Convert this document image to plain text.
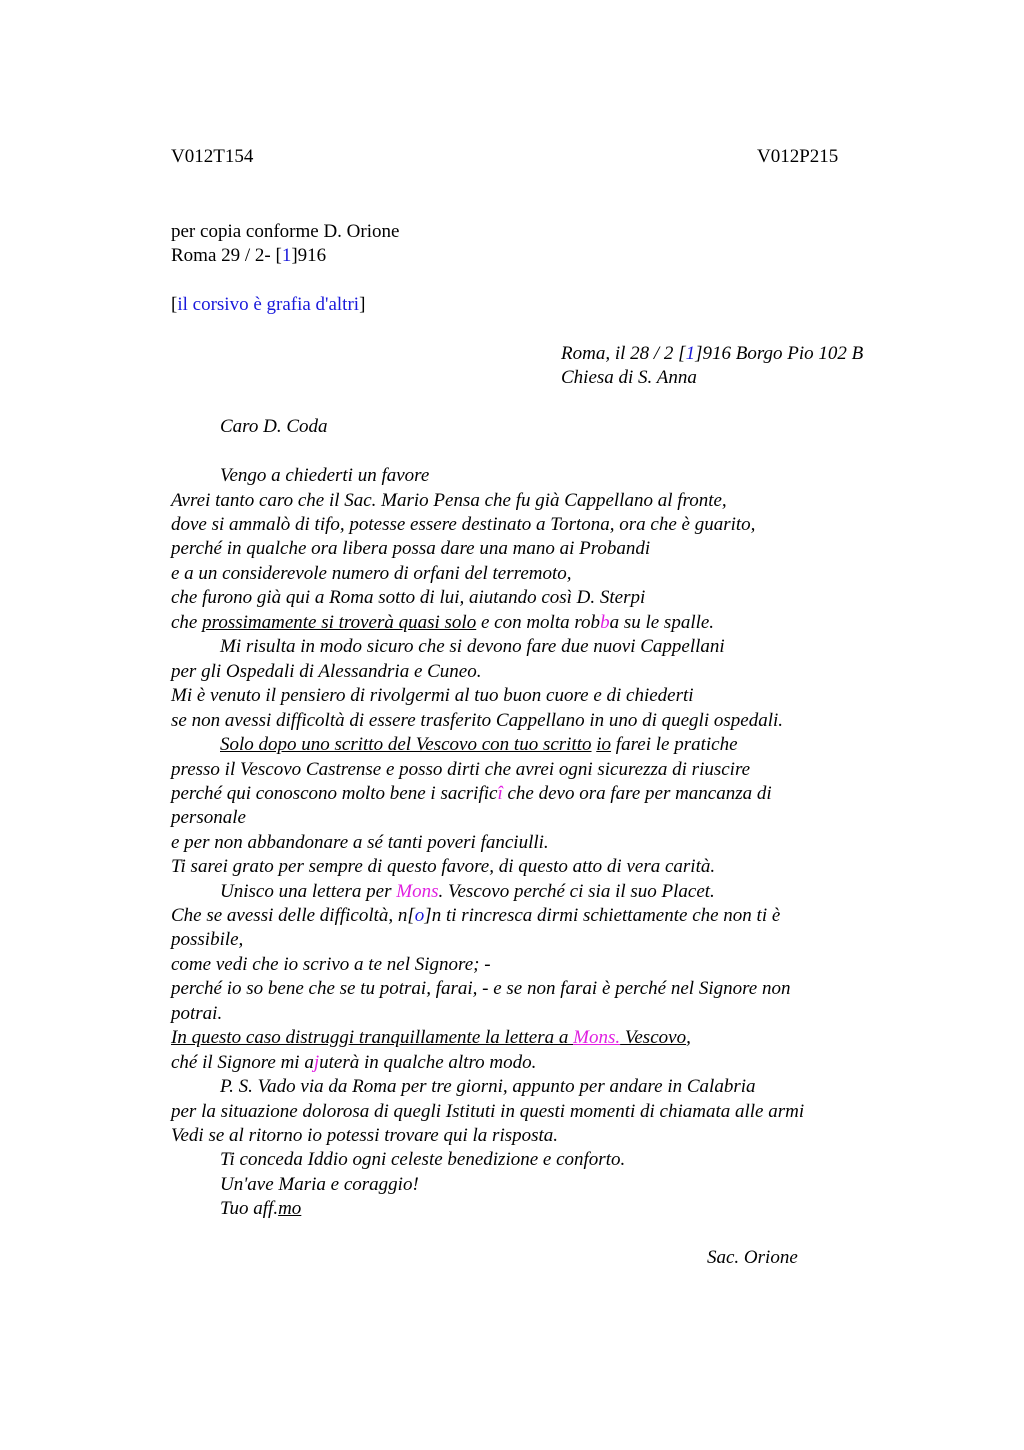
V012T154	V012P215
per copia conforme D. Orione
Roma 29 / 2- [1]916
[il corsivo è grafia d'altri]
Roma, il 28 / 2 [1]916 Borgo Pio 102 B
Chiesa di S. Anna
Caro D. Coda
Vengo a chiederti un favore
Avrei tanto caro che il Sac. Mario Pensa che fu già Cappellano al fronte,
dove si ammalò di tifo, potesse essere destinato a Tortona, ora che è guarito,
perché in qualche ora libera possa dare una mano ai Probandi
e a un considerevole numero di orfani del terremoto,
che furono già qui a Roma sotto di lui, aiutando così D. Sterpi
che prossimamente si troverà quasi solo e con molta robba su le spalle.
Mi risulta in modo sicuro che si devono fare due nuovi Cappellani
per gli Ospedali di Alessandria e Cuneo.
Mi è venuto il pensiero di rivolgermi al tuo buon cuore e di chiederti
se non avessi difficoltà di essere trasferito Cappellano in uno di quegli ospedali.
Solo dopo uno scritto del Vescovo con tuo scritto io farei le pratiche
presso il Vescovo Castrense e posso dirti che avrei ogni sicurezza di riuscire
perché qui conoscono molto bene i sacrificî che devo ora fare per mancanza di
personale
e per non abbandonare a sé tanti poveri fanciulli.
Ti sarei grato per sempre di questo favore, di questo atto di vera carità.
Unisco una lettera per Mons. Vescovo perché ci sia il suo Placet.
Che se avessi delle difficoltà, n[o]n ti rincresca dirmi schiettamente che non ti è
possibile,
come vedi che io scrivo a te nel Signore; -
perché io so bene che se tu potrai, farai, - e se non farai è perché nel Signore non
potrai.
In questo caso distruggi tranquillamente la lettera a Mons. Vescovo,
ché il Signore mi ajuterà in qualche altro modo.
P. S. Vado via da Roma per tre giorni, appunto per andare in Calabria
per la situazione dolorosa di quegli Istituti in questi momenti di chiamata alle armi
Vedi se al ritorno io potessi trovare qui la risposta.
Ti conceda Iddio ogni celeste benedizione e conforto.
Un'ave Maria e coraggio!
Tuo aff.mo
Sac. Orione
